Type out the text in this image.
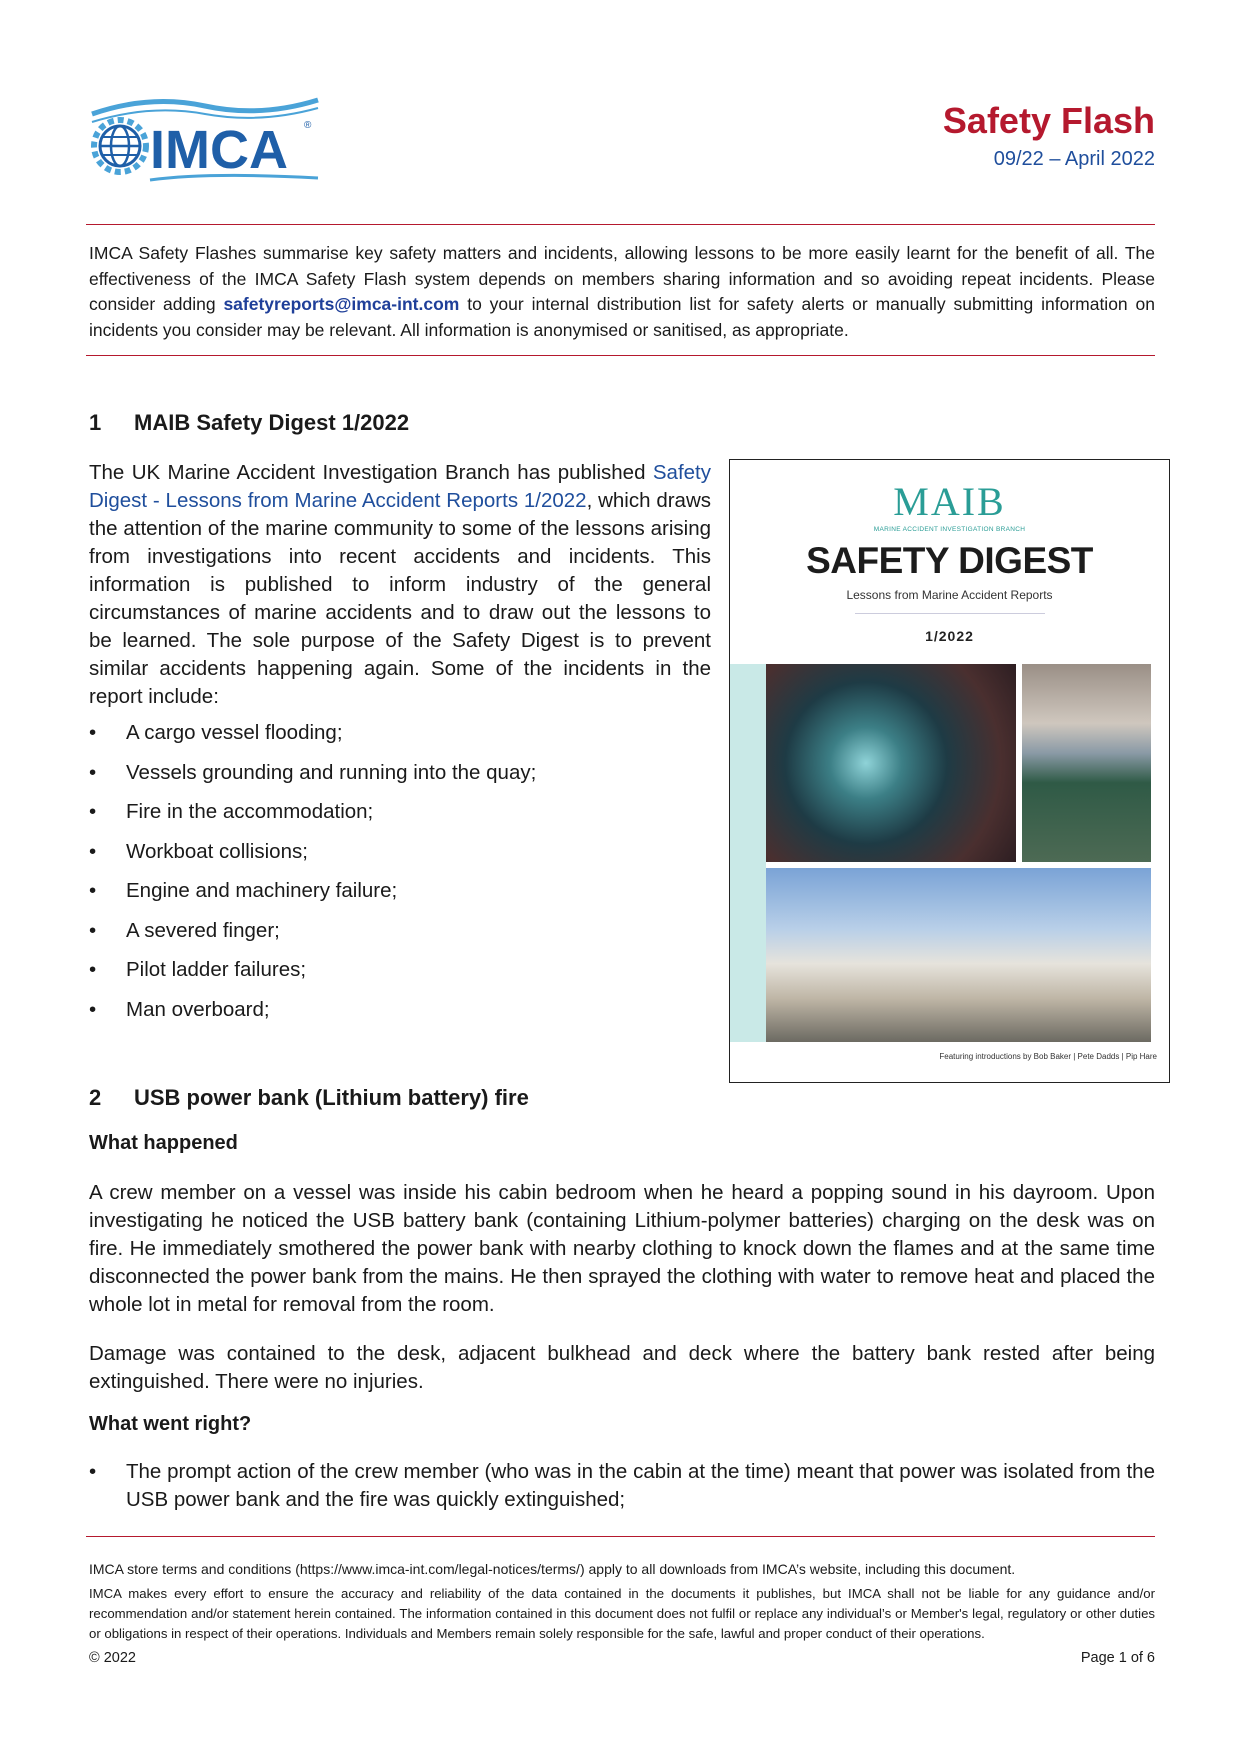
IMCA ®	Safety Flash
09/22 – April 2022
IMCA Safety Flashes summarise key safety matters and incidents, allowing lessons to be more easily learnt for the benefit of all. The effectiveness of the IMCA Safety Flash system depends on members sharing information and so avoiding repeat incidents. Please consider adding safetyreports@imca-int.com to your internal distribution list for safety alerts or manually submitting information on incidents you consider may be relevant. All information is anonymised or sanitised, as appropriate.
1 MAIB Safety Digest 1/2022
The UK Marine Accident Investigation Branch has published Safety Digest - Lessons from Marine Accident Reports 1/2022, which draws the attention of the marine community to some of the lessons arising from investigations into recent accidents and incidents. This information is published to inform industry of the general circumstances of marine accidents and to draw out the lessons to be learned. The sole purpose of the Safety Digest is to prevent similar accidents happening again. Some of the incidents in the report include:
• A cargo vessel flooding;
• Vessels grounding and running into the quay;
• Fire in the accommodation;
• Workboat collisions;
• Engine and machinery failure;
• A severed finger;
• Pilot ladder failures;
• Man overboard;
MAIB
MARINE ACCIDENT INVESTIGATION BRANCH
SAFETY DIGEST
Lessons from Marine Accident Reports
1/2022
Featuring introductions by Bob Baker | Pete Dadds | Pip Hare
2 USB power bank (Lithium battery) fire
What happened
A crew member on a vessel was inside his cabin bedroom when he heard a popping sound in his dayroom. Upon investigating he noticed the USB battery bank (containing Lithium-polymer batteries) charging on the desk was on fire. He immediately smothered the power bank with nearby clothing to knock down the flames and at the same time disconnected the power bank from the mains. He then sprayed the clothing with water to remove heat and placed the whole lot in metal for removal from the room.
Damage was contained to the desk, adjacent bulkhead and deck where the battery bank rested after being extinguished. There were no injuries.
What went right?
• The prompt action of the crew member (who was in the cabin at the time) meant that power was isolated from the USB power bank and the fire was quickly extinguished;
IMCA store terms and conditions (https://www.imca-int.com/legal-notices/terms/) apply to all downloads from IMCA’s website, including this document.
IMCA makes every effort to ensure the accuracy and reliability of the data contained in the documents it publishes, but IMCA shall not be liable for any guidance and/or recommendation and/or statement herein contained. The information contained in this document does not fulfil or replace any individual’s or Member's legal, regulatory or other duties or obligations in respect of their operations. Individuals and Members remain solely responsible for the safe, lawful and proper conduct of their operations.
© 2022	Page 1 of 6
